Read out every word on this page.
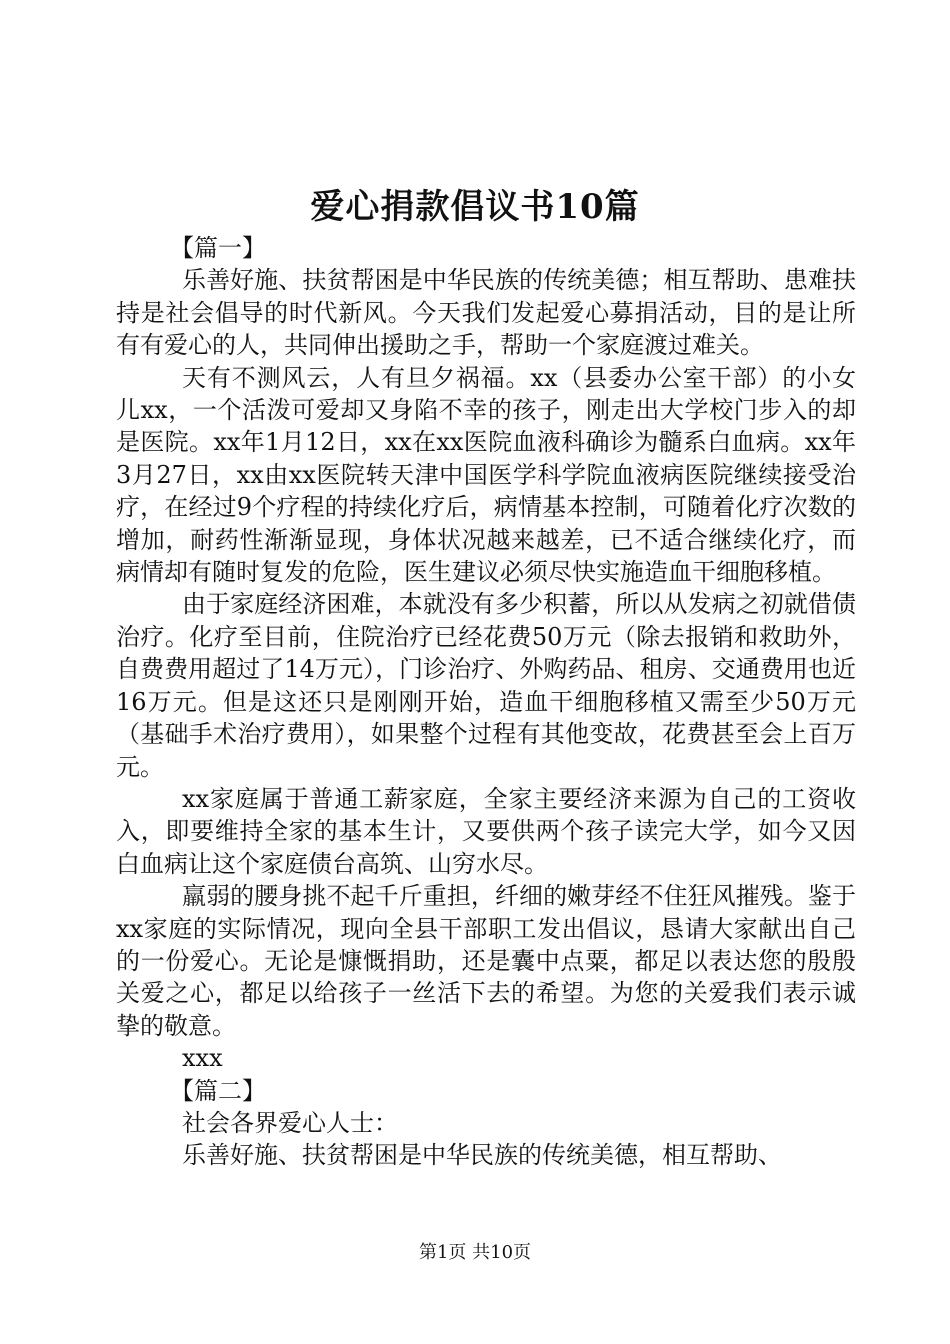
爱心捐款倡议书10篇

【篇一】

乐善好施、扶贫帮困是中华民族的传统美德；相互帮助、患难扶持是社会倡导的时代新风。今天我们发起爱心募捐活动，目的是让所有有爱心的人，共同伸出援助之手，帮助一个家庭渡过难关。

天有不测风云，人有旦夕祸福。xx（县委办公室干部）的小女儿xx，一个活泼可爱却又身陷不幸的孩子，刚走出大学校门步入的却是医院。xx年1月12日，xx在xx医院血液科确诊为髓系白血病。xx年3月27日，xx由xx医院转天津中国医学科学院血液病医院继续接受治疗，在经过9个疗程的持续化疗后，病情基本控制，可随着化疗次数的增加，耐药性渐渐显现，身体状况越来越差，已不适合继续化疗，而病情却有随时复发的危险，医生建议必须尽快实施造血干细胞移植。

由于家庭经济困难，本就没有多少积蓄，所以从发病之初就借债治疗。化疗至目前，住院治疗已经花费50万元（除去报销和救助外，自费费用超过了14万元），门诊治疗、外购药品、租房、交通费用也近16万元。但是这还只是刚刚开始，造血干细胞移植又需至少50万元（基础手术治疗费用），如果整个过程有其他变故，花费甚至会上百万元。

xx家庭属于普通工薪家庭，全家主要经济来源为自己的工资收入，即要维持全家的基本生计，又要供两个孩子读完大学，如今又因白血病让这个家庭债台高筑、山穷水尽。

羸弱的腰身挑不起千斤重担，纤细的嫩芽经不住狂风摧残。鉴于xx家庭的实际情况，现向全县干部职工发出倡议，恳请大家献出自己的一份爱心。无论是慷慨捐助，还是囊中点粟，都足以表达您的殷殷关爱之心，都足以给孩子一丝活下去的希望。为您的关爱我们表示诚挚的敬意。

xxx

【篇二】

社会各界爱心人士：

乐善好施、扶贫帮困是中华民族的传统美德，相互帮助、

第1页 共10页
